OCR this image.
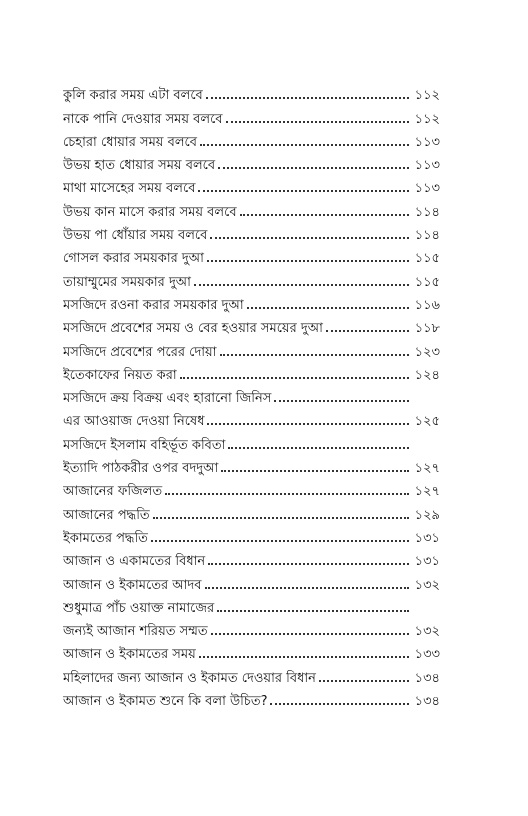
কুলি করার সময় এটা বলবে	১১২
নাকে পানি দেওয়ার সময় বলবে	১১২
চেহারা ধোয়ার সময় বলবে	১১৩
উভয় হাত ধোয়ার সময় বলবে	১১৩
মাথা মাসেহের সময় বলবে	১১৩
উভয় কান মাসে করার সময় বলবে	১১৪
উভয় পা ধোঁয়ার সময় বলবে	১১৪
গোসল করার সময়কার দুআ	১১৫
তায়াম্মুমের সময়কার দুআ	১১৫
মসজিদে রওনা করার সময়কার দুআ	১১৬
মসজিদে প্রবেশের সময় ও বের হওয়ার সময়ের দুআ	১১৮
মসজিদে প্রবেশের পরের দোয়া	১২৩
ইতেকাফের নিয়ত করা	১২৪
মসজিদে ক্রয় বিক্রয় এবং হারানো জিনিস
এর আওয়াজ দেওয়া নিষেধ	১২৫
মসজিদে ইসলাম বহির্ভূত কবিতা
ইত্যাদি পাঠকরীর ওপর বদদুআ	১২৭
আজানের ফজিলত	১২৭
আজানের পদ্ধতি	১২৯
ইকামতের পদ্ধতি	১৩১
আজান ও একামতের বিধান	১৩১
আজান ও ইকামতের আদব	১৩২
শুধুমাত্র পাঁচ ওয়াক্ত নামাজের
জন্যই আজান শরিয়ত সম্মত	১৩২
আজান ও ইকামতের সময়	১৩৩
মহিলাদের জন্য আজান ও ইকামত দেওয়ার বিধান	১৩৪
আজান ও ইকামত শুনে কি বলা উচিত?	১৩৪
